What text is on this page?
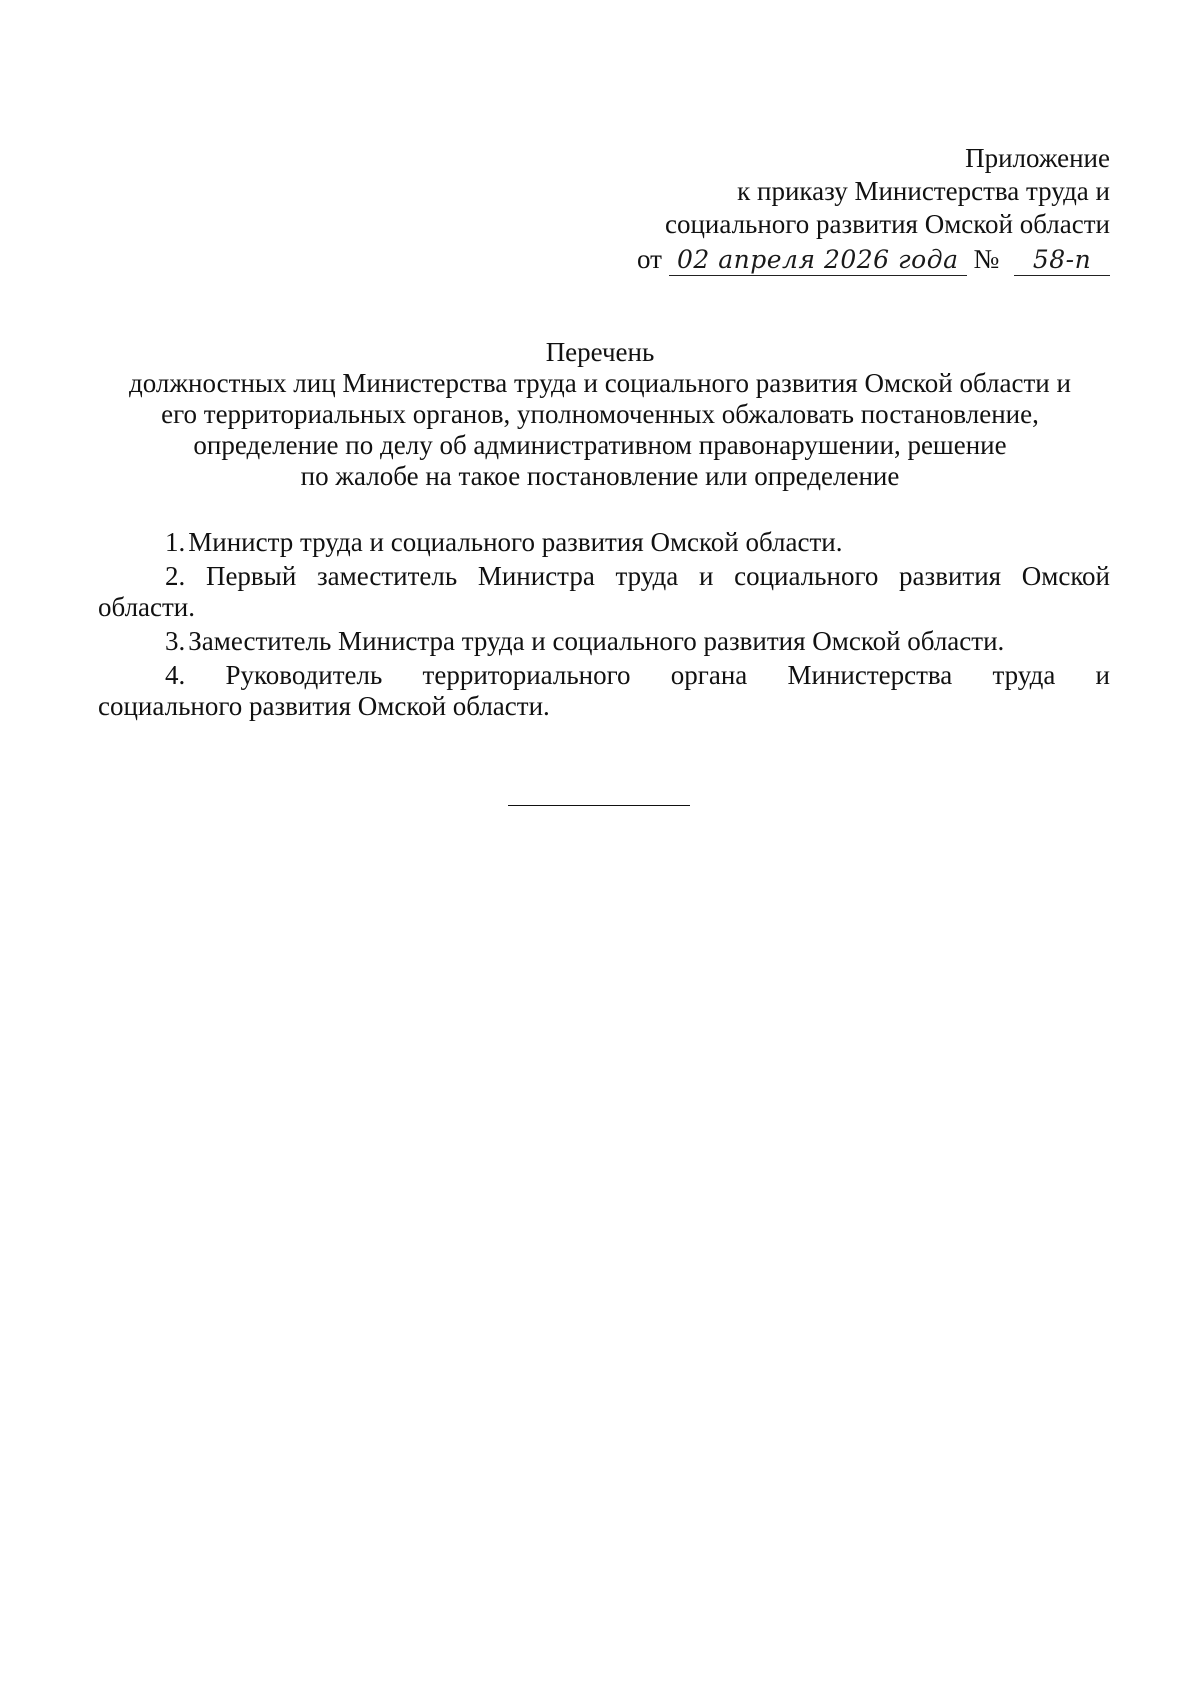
Приложение
к приказу Министерства труда и
социального развития Омской области
от 02 апреля 2026 года № 58-п
Перечень
должностных лиц Министерства труда и социального развития Омской области и
его территориальных органов, уполномоченных обжаловать постановление,
определение по делу об административном правонарушении, решение
по жалобе на такое постановление или определение

1. Министр труда и социального развития Омской области.

2. Первый заместитель Министра труда и социального развития Омской

области.

3. Заместитель Министра труда и социального развития Омской области.

4. Руководитель территориального органа Министерства труда и

социального развития Омской области.
